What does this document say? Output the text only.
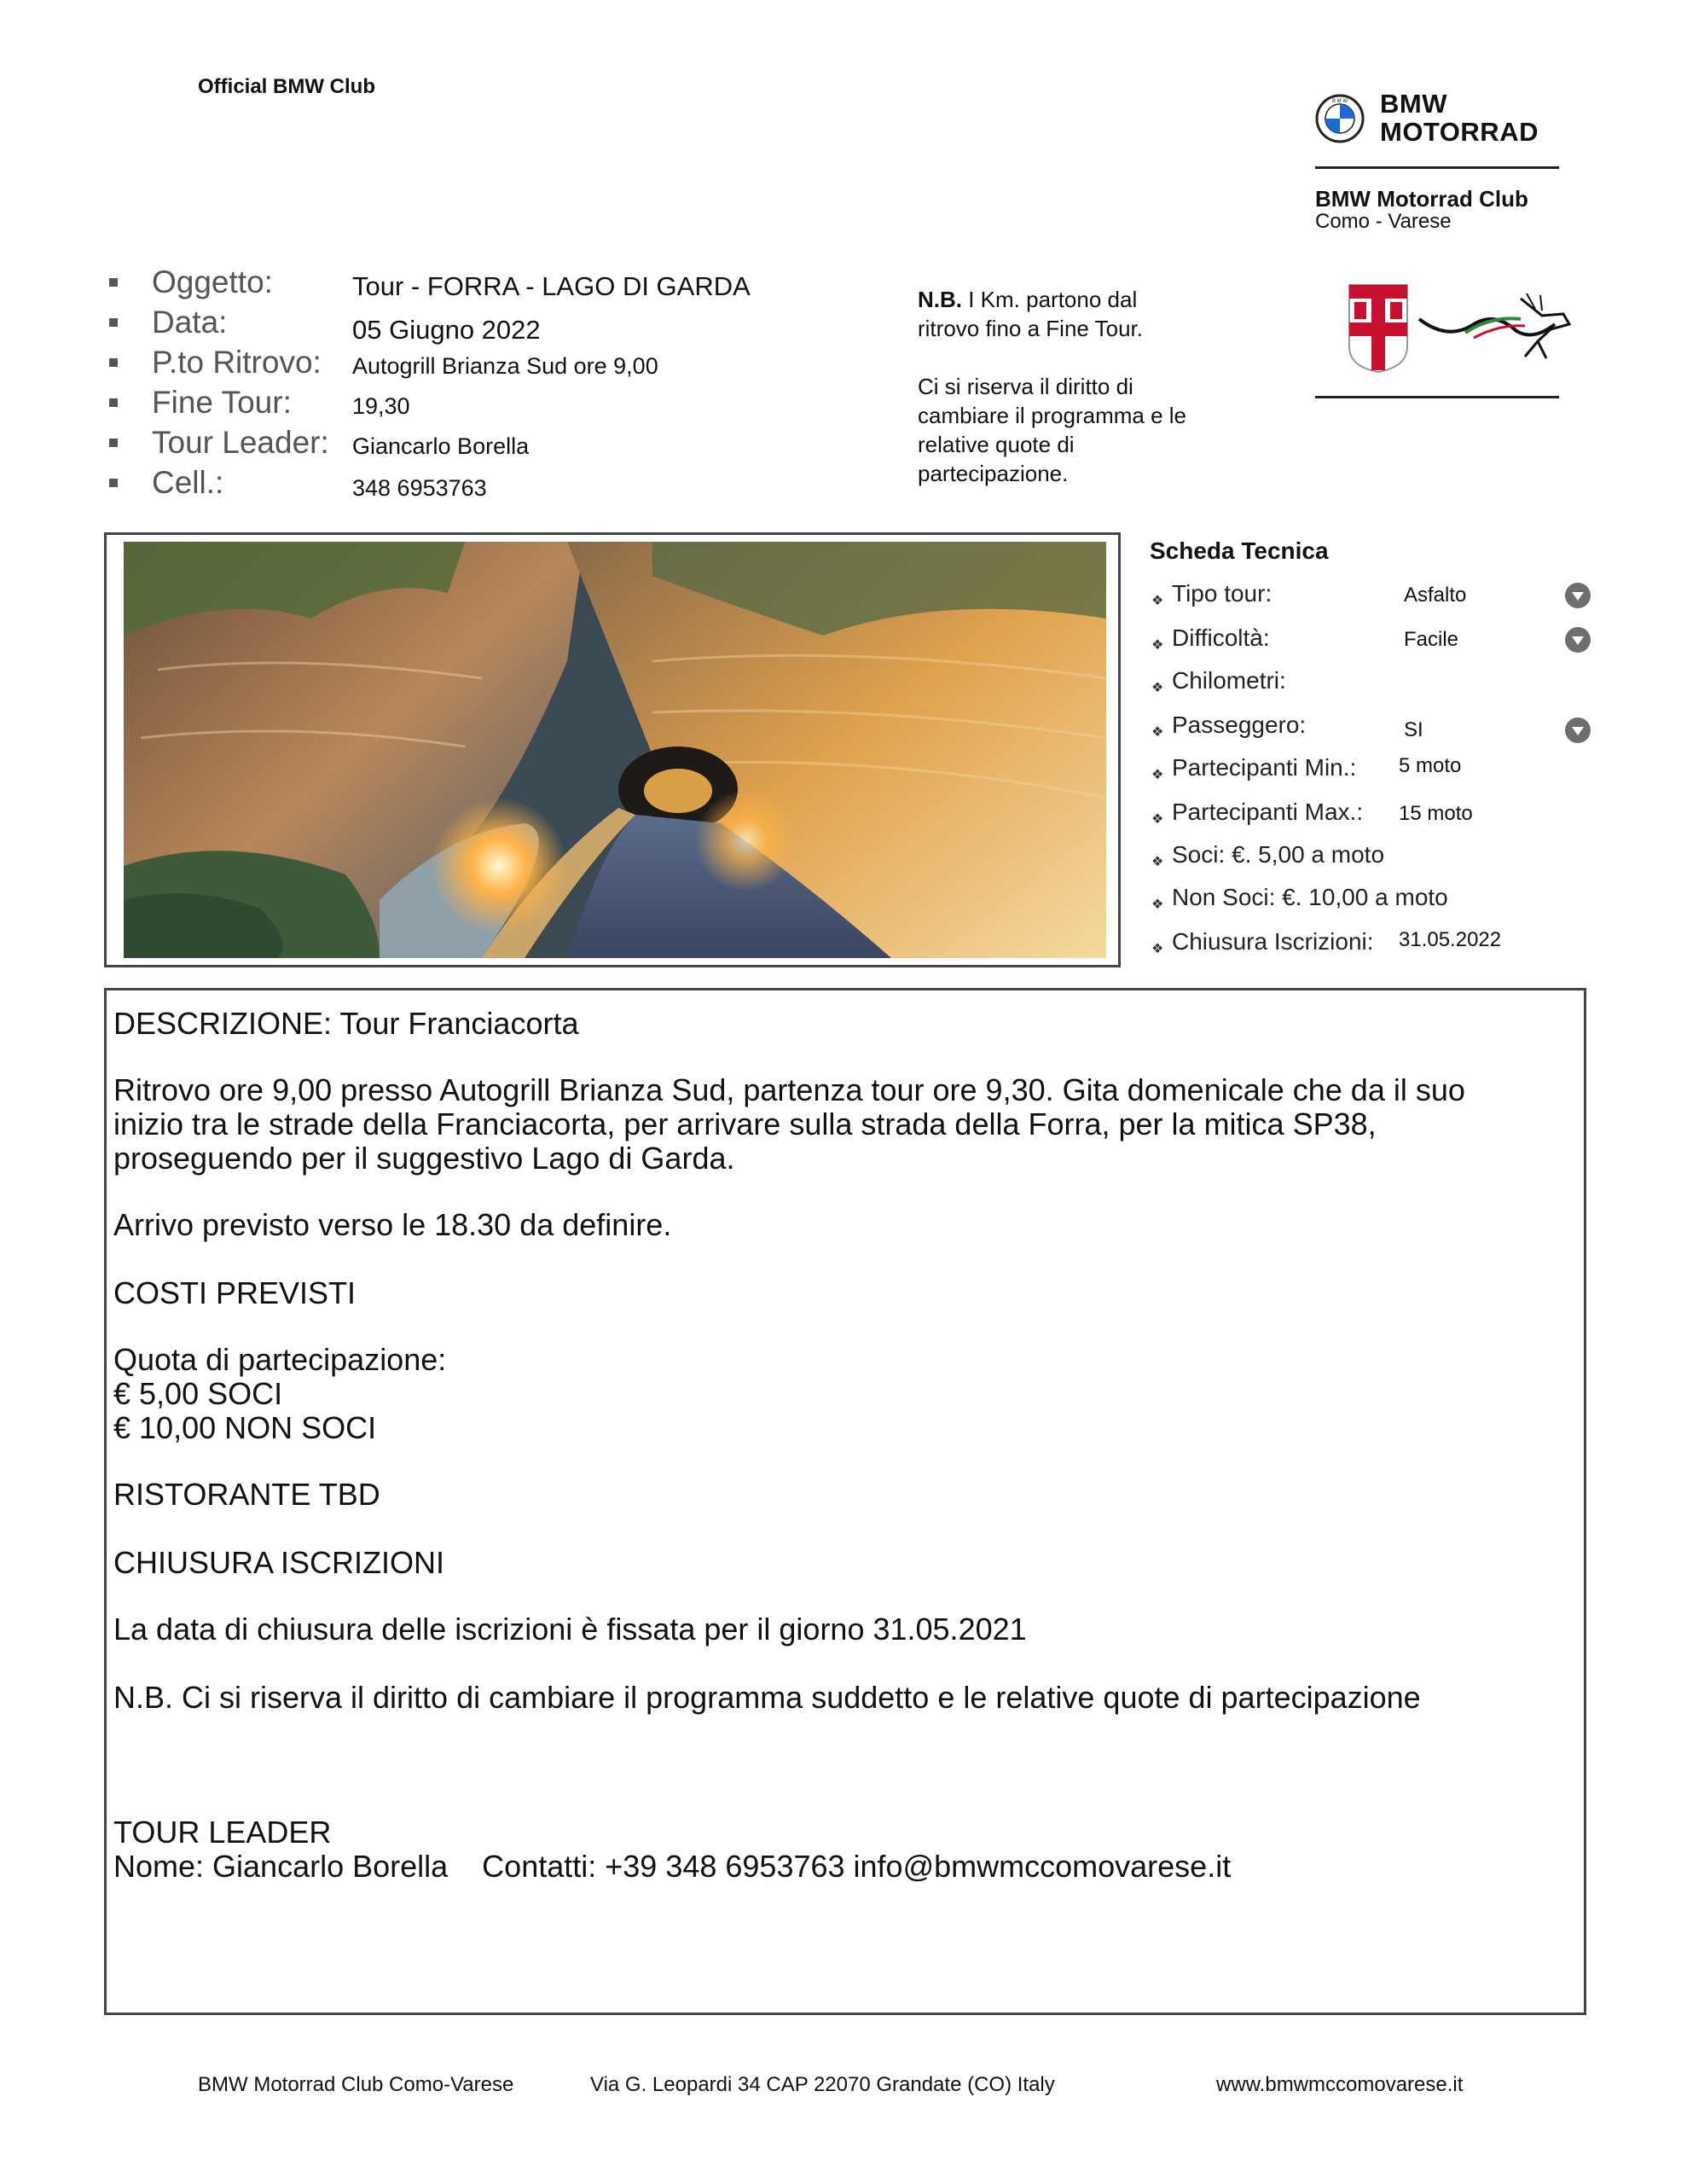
Official BMW Club
B M W BMW
MOTORRAD
BMW Motorrad Club
Como - Varese
Oggetto:	Tour - FORRA - LAGO DI GARDA
Data:	05 Giugno 2022
P.to Ritrovo: Autogrill Brianza Sud ore 9,00
Fine Tour:	19,30
Tour Leader: Giancarlo Borella
Cell.:	348 6953763
N.B. I Km. partono dal
ritrovo fino a Fine Tour.
Ci si riserva il diritto di
cambiare il programma e le
relative quote di
partecipazione.
Scheda Tecnica
❖ Tipo tour:	Asfalto
❖ Difficoltà:	Facile
❖ Chilometri:
❖ Passeggero:	SI
❖ Partecipanti Min.: 5 moto
❖ Partecipanti Max.: 15 moto
❖ Soci: €. 5,00 a moto
❖ Non Soci: €. 10,00 a moto
❖ Chiusura Iscrizioni: 31.05.2022
DESCRIZIONE: Tour Franciacorta
Ritrovo ore 9,00 presso Autogrill Brianza Sud, partenza tour ore 9,30. Gita domenicale che da il suo
inizio tra le strade della Franciacorta, per arrivare sulla strada della Forra, per la mitica SP38,
proseguendo per il suggestivo Lago di Garda.
Arrivo previsto verso le 18.30 da definire.
COSTI PREVISTI
Quota di partecipazione:
€ 5,00 SOCI
€ 10,00 NON SOCI
RISTORANTE TBD
CHIUSURA ISCRIZIONI
La data di chiusura delle iscrizioni è fissata per il giorno 31.05.2021
N.B. Ci si riserva il diritto di cambiare il programma suddetto e le relative quote di partecipazione
TOUR LEADER
Nome: Giancarlo Borella    Contatti: +39 348 6953763 info@bmwmccomovarese.it
BMW Motorrad Club Como-Varese	Via G. Leopardi 34 CAP 22070 Grandate (CO) Italy	www.bmwmccomovarese.it
